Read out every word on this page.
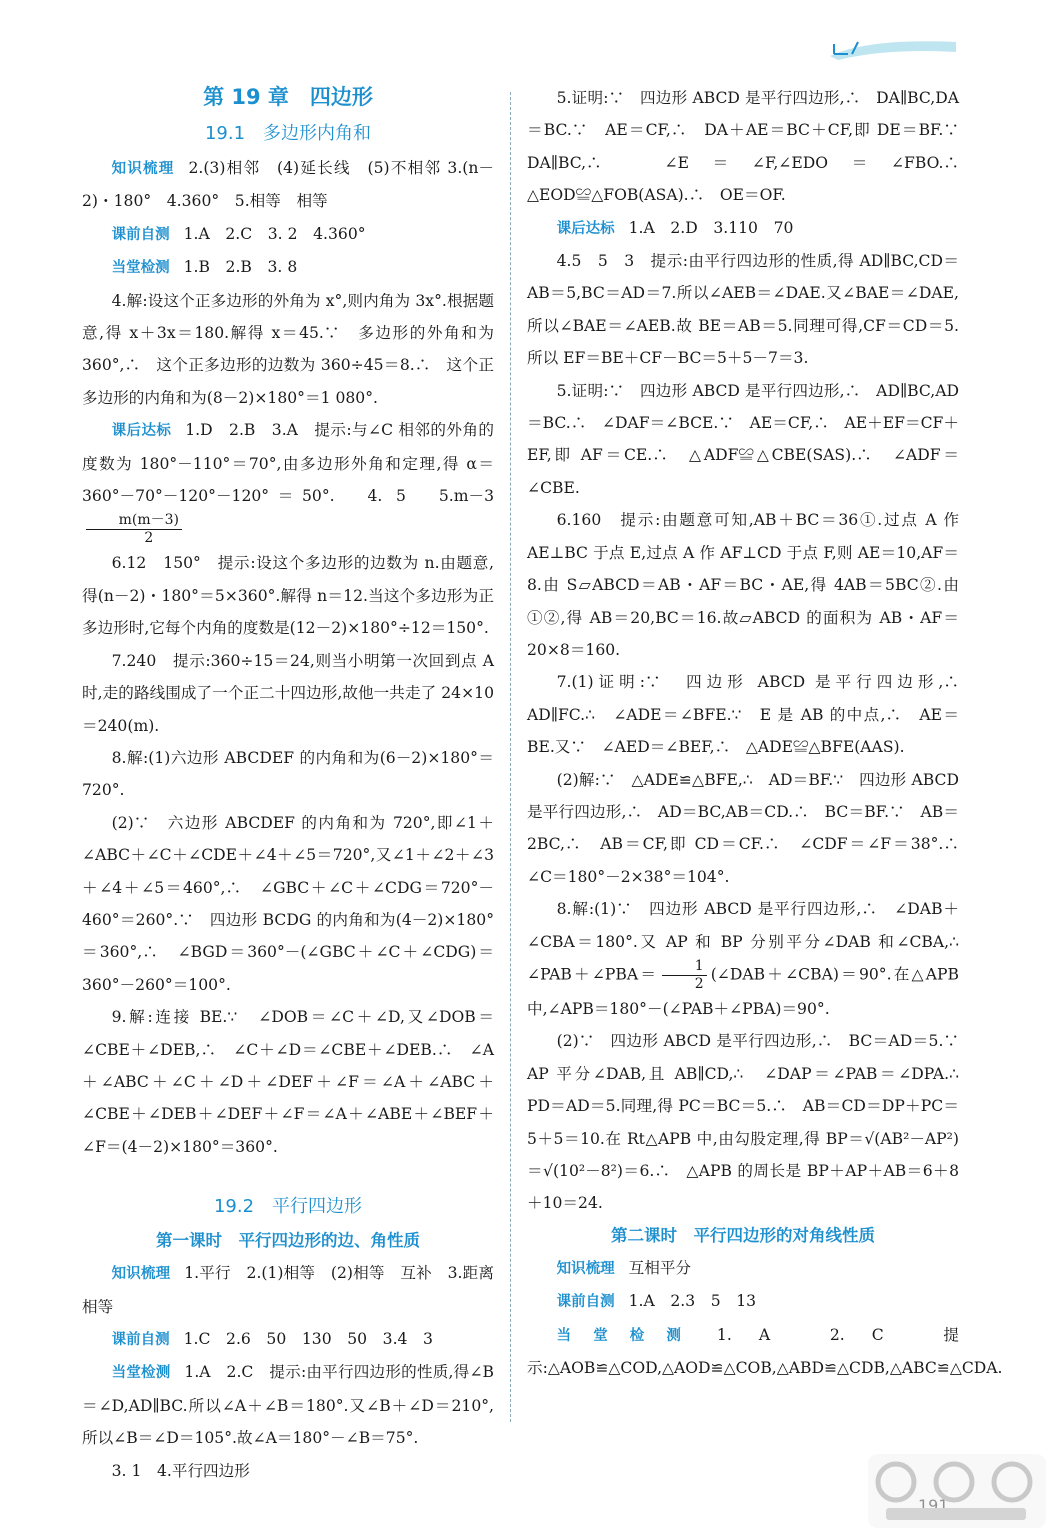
第 19 章　四边形
19.1　多边形内角和

知识梳理 2.(3)相邻　(4)延长线　(5)不相邻 3.(n－2)・180°　4.360°　5.相等　相等

课前自测 1.A　2.C　3. 2　4.360°

当堂检测 1.B　2.B　3. 8

4.解:设这个正多边形的外角为 x°,则内角为 3x°.根据题意,得 x＋3x＝180.解得 x＝45.∵　多边形的外角和为 360°,∴　这个正多边形的边数为 360÷45＝8.∴　这个正多边形的内角和为(8－2)×180°＝1 080°.

课后达标 1.D　2.B　3.A　提示:与∠C 相邻的外角的度数为 180°－110°＝70°,由多边形外角和定理,得 α＝360°－70°－120°－120°＝50°.　4. 5　5.m－3
$\frac{m(m-3)}{2}$

6.12　150°　提示:设这个多边形的边数为 n.由题意,得(n－2)・180°＝5×360°.解得 n＝12.当这个多边形为正多边形时,它每个内角的度数是(12－2)×180°÷12＝150°.

7.240　提示:360÷15＝24,则当小明第一次回到点 A 时,走的路线围成了一个正二十四边形,故他一共走了 24×10＝240(m).

8.解:(1)六边形 ABCDEF 的内角和为(6－2)×180°＝720°.

(2)∵　六边形 ABCDEF 的内角和为 720°,即∠1＋∠ABC＋∠C＋∠CDE＋∠4＋∠5＝720°,又∠1＋∠2＋∠3＋∠4＋∠5＝460°,∴　∠GBC＋∠C＋∠CDG＝720°－460°＝260°.∵　四边形 BCDG 的内角和为(4－2)×180°＝360°,∴　∠BGD＝360°－(∠GBC＋∠C＋∠CDG)＝360°－260°＝100°.

9.解:连接 BE.∵　∠DOB＝∠C＋∠D,又∠DOB＝∠CBE＋∠DEB,∴　∠C＋∠D＝∠CBE＋∠DEB.∴　∠A＋∠ABC＋∠C＋∠D＋∠DEF＋∠F＝∠A＋∠ABC＋∠CBE＋∠DEB＋∠DEF＋∠F＝∠A＋∠ABE＋∠BEF＋∠F＝(4－2)×180°＝360°.

19.2　平行四边形
第一课时　平行四边形的边、角性质

知识梳理 1.平行　2.(1)相等　(2)相等　互补　3.距离　相等

课前自测 1.C　2.6　50　130　50　3.4　3

当堂检测 1.A　2.C　提示:由平行四边形的性质,得∠B＝∠D,AD∥BC.所以∠A＋∠B＝180°.又∠B＋∠D＝210°,所以∠B＝∠D＝105°.故∠A＝180°－∠B＝75°.

3. 1　4.平行四边形

5.证明:∵　四边形 ABCD 是平行四边形,∴　DA∥BC,DA＝BC.∵　AE＝CF,∴　DA＋AE＝BC＋CF,即 DE＝BF.∵　DA∥BC,∴　∠E＝∠F,∠EDO＝∠FBO.∴　△EOD≌△FOB(ASA).∴　OE＝OF.

课后达标 1.A　2.D　3.110　70

4.5　5　3　提示:由平行四边形的性质,得 AD∥BC,CD＝AB＝5,BC＝AD＝7.所以∠AEB＝∠DAE.又∠BAE＝∠DAE,所以∠BAE＝∠AEB.故 BE＝AB＝5.同理可得,CF＝CD＝5.所以 EF＝BE＋CF－BC＝5＋5－7＝3.

5.证明:∵　四边形 ABCD 是平行四边形,∴　AD∥BC,AD＝BC.∴　∠DAF＝∠BCE.∵　AE＝CF,∴　AE＋EF＝CF＋EF,即 AF＝CE.∴　△ADF≌△CBE(SAS).∴　∠ADF＝∠CBE.

6.160　提示:由题意可知,AB＋BC＝36①.过点 A 作 AE⊥BC 于点 E,过点 A 作 AF⊥CD 于点 F,则 AE＝10,AF＝8.由 S▱ABCD＝AB・AF＝BC・AE,得 4AB＝5BC②.由①②,得 AB＝20,BC＝16.故▱ABCD 的面积为 AB・AF＝20×8＝160.

7.(1)证明:∵　四边形 ABCD 是平行四边形,∴　AD∥FC.∴　∠ADE＝∠BFE.∵　E 是 AB 的中点,∴　AE＝BE.又∵　∠AED＝∠BEF,∴　△ADE≌△BFE(AAS).

(2)解:∵　△ADE≌△BFE,∴　AD＝BF.∵　四边形 ABCD 是平行四边形,∴　AD＝BC,AB＝CD.∴　BC＝BF.∵　AB＝2BC,∴　AB＝CF,即 CD＝CF.∴　∠CDF＝∠F＝38°.∴　∠C＝180°－2×38°＝104°.

8.解:(1)∵　四边形 ABCD 是平行四边形,∴　∠DAB＋∠CBA＝180°.又 AP 和 BP 分别平分∠DAB 和∠CBA,∴　∠PAB＋∠PBA＝ $\frac{1}{2}$ (∠DAB＋∠CBA)＝90°.在△APB 中,∠APB＝180°－(∠PAB＋∠PBA)＝90°.

(2)∵　四边形 ABCD 是平行四边形,∴　BC＝AD＝5.∵　AP 平分∠DAB,且 AB∥CD,∴　∠DAP＝∠PAB＝∠DPA.∴　PD＝AD＝5.同理,得 PC＝BC＝5.∴　AB＝CD＝DP＋PC＝5＋5＝10.在 Rt△APB 中,由勾股定理,得 BP＝√(AB²－AP²)＝√(10²－8²)＝6.∴　△APB 的周长是 BP＋AP＋AB＝6＋8＋10＝24.

第二课时　平行四边形的对角线性质

知识梳理 互相平分

课前自测 1.A　2.3　5　13

当堂检测 1. A　2. C　提示:△AOB≌△COD,△AOD≌△COB,△ABD≌△CDB,△ABC≌△CDA.
